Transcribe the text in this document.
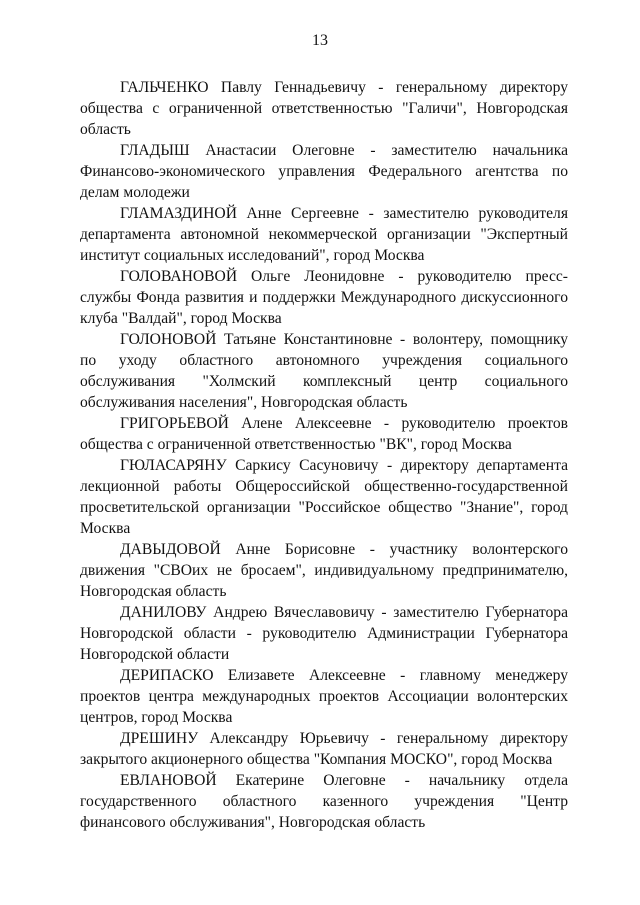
13

ГАЛЬЧЕНКО Павлу Геннадьевичу - генеральному директору общества с ограниченной ответственностью "Галичи", Новгородская область

ГЛАДЫШ Анастасии Олеговне - заместителю начальника Финансово-экономического управления Федерального агентства по делам молодежи

ГЛАМАЗДИНОЙ Анне Сергеевне - заместителю руководителя департамента автономной некоммерческой организации "Экспертный институт социальных исследований", город Москва

ГОЛОВАНОВОЙ Ольге Леонидовне - руководителю пресс-службы Фонда развития и поддержки Международного дискуссионного клуба "Валдай", город Москва

ГОЛОНОВОЙ Татьяне Константиновне - волонтеру, помощнику по уходу областного автономного учреждения социального обслуживания "Холмский комплексный центр социального обслуживания населения", Новгородская область

ГРИГОРЬЕВОЙ Алене Алексеевне - руководителю проектов общества с ограниченной ответственностью "ВК", город Москва

ГЮЛАСАРЯНУ Саркису Сасуновичу - директору департамента лекционной работы Общероссийской общественно-государственной просветительской организации "Российское общество "Знание", город Москва

ДАВЫДОВОЙ Анне Борисовне - участнику волонтерского движения "СВОих не бросаем", индивидуальному предпринимателю, Новгородская область

ДАНИЛОВУ Андрею Вячеславовичу - заместителю Губернатора Новгородской области - руководителю Администрации Губернатора Новгородской области

ДЕРИПАСКО Елизавете Алексеевне - главному менеджеру проектов центра международных проектов Ассоциации волонтерских центров, город Москва

ДРЕШИНУ Александру Юрьевичу - генеральному директору закрытого акционерного общества "Компания МОСКО", город Москва

ЕВЛАНОВОЙ Екатерине Олеговне - начальнику отдела государственного областного казенного учреждения "Центр финансового обслуживания", Новгородская область
